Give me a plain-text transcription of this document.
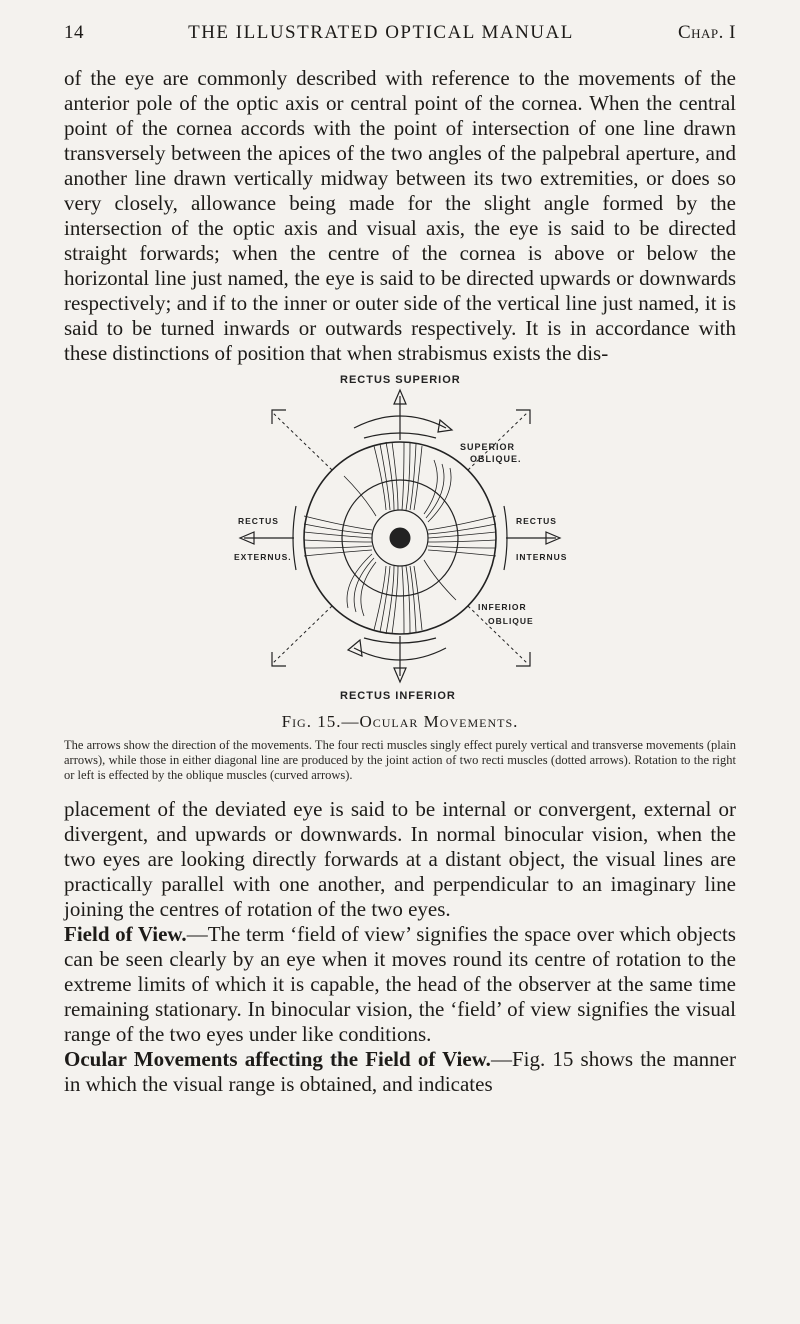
14	THE ILLUSTRATED OPTICAL MANUAL	Chap. I

of the eye are commonly described with reference to the movements of the anterior pole of the optic axis or central point of the cornea. When the central point of the cornea accords with the point of intersection of one line drawn transversely between the apices of the two angles of the palpebral aperture, and another line drawn vertically midway between its two extremities, or does so very closely, allowance being made for the slight angle formed by the intersection of the optic axis and visual axis, the eye is said to be directed straight forwards; when the centre of the cornea is above or below the horizontal line just named, the eye is said to be directed upwards or downwards respectively; and if to the inner or outer side of the vertical line just named, it is said to be turned inwards or outwards respectively. It is in accordance with these distinctions of position that when strabismus exists the dis-

RECTUS SUPERIOR
SUPERIOR
OBLIQUE.
RECTUS
EXTERNUS.
RECTUS
INTERNUS
INFERIOR
OBLIQUE
RECTUS INFERIOR
Fig. 15.—Ocular Movements.

The arrows show the direction of the movements. The four recti muscles singly effect purely vertical and transverse movements (plain arrows), while those in either diagonal line are produced by the joint action of two recti muscles (dotted arrows). Rotation to the right or left is effected by the oblique muscles (curved arrows).

placement of the deviated eye is said to be internal or convergent, external or divergent, and upwards or downwards. In normal binocular vision, when the two eyes are looking directly forwards at a distant object, the visual lines are practically parallel with one another, and perpendicular to an imaginary line joining the centres of rotation of the two eyes.

Field of View.—The term ‘field of view’ signifies the space over which objects can be seen clearly by an eye when it moves round its centre of rotation to the extreme limits of which it is capable, the head of the observer at the same time remaining stationary. In binocular vision, the ‘field’ of view signifies the visual range of the two eyes under like conditions.

Ocular Movements affecting the Field of View.—Fig. 15 shows the manner in which the visual range is obtained, and indicates
